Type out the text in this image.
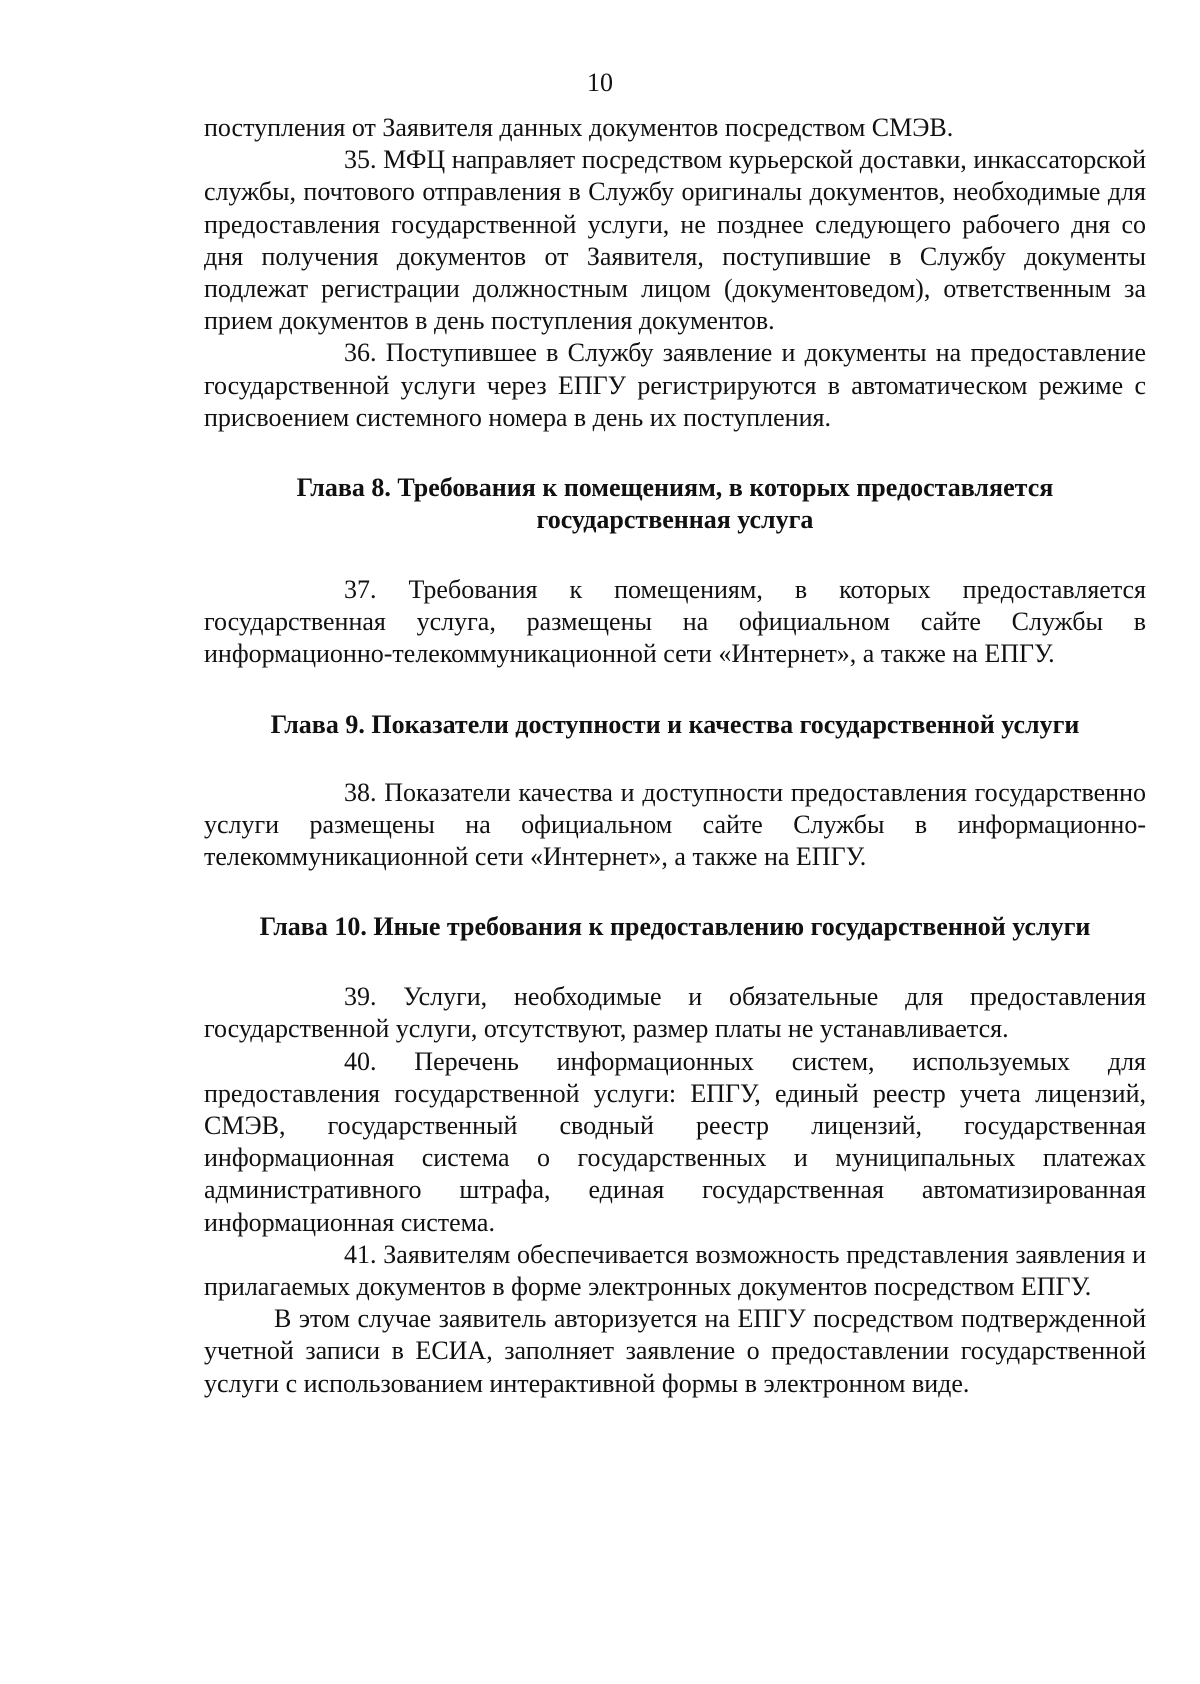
10

поступления от Заявителя данных документов посредством СМЭВ.

35. МФЦ направляет посредством курьерской доставки, инкассаторской службы, почтового отправления в Службу оригиналы документов, необходимые для предоставления государственной услуги, не позднее следующего рабочего дня со дня получения документов от Заявителя, поступившие в Службу документы подлежат регистрации должностным лицом (документоведом), ответственным за прием документов в день поступления документов.

36. Поступившее в Службу заявление и документы на предоставление государственной услуги через ЕПГУ регистрируются в автоматическом режиме с присвоением системного номера в день их поступления.

Глава 8. Требования к помещениям, в которых предоставляется
государственная услуга

37. Требования к помещениям, в которых предоставляется государственная услуга, размещены на официальном сайте Службы в информационно-телекоммуникационной сети «Интернет», а также на ЕПГУ.

Глава 9. Показатели доступности и качества государственной услуги

38. Показатели качества и доступности предоставления государственно услуги размещены на официальном сайте Службы в информационно-телекоммуникационной сети «Интернет», а также на ЕПГУ.

Глава 10. Иные требования к предоставлению государственной услуги

39. Услуги, необходимые и обязательные для предоставления государственной услуги, отсутствуют, размер платы не устанавливается.

40. Перечень информационных систем, используемых для предоставления государственной услуги: ЕПГУ, единый реестр учета лицензий, СМЭВ, государственный сводный реестр лицензий, государственная информационная система о государственных и муниципальных платежах административного штрафа, единая государственная автоматизированная информационная система.

41. Заявителям обеспечивается возможность представления заявления и прилагаемых документов в форме электронных документов посредством ЕПГУ.

В этом случае заявитель авторизуется на ЕПГУ посредством подтвержденной учетной записи в ЕСИА, заполняет заявление о предоставлении государственной услуги с использованием интерактивной формы в электронном виде.
